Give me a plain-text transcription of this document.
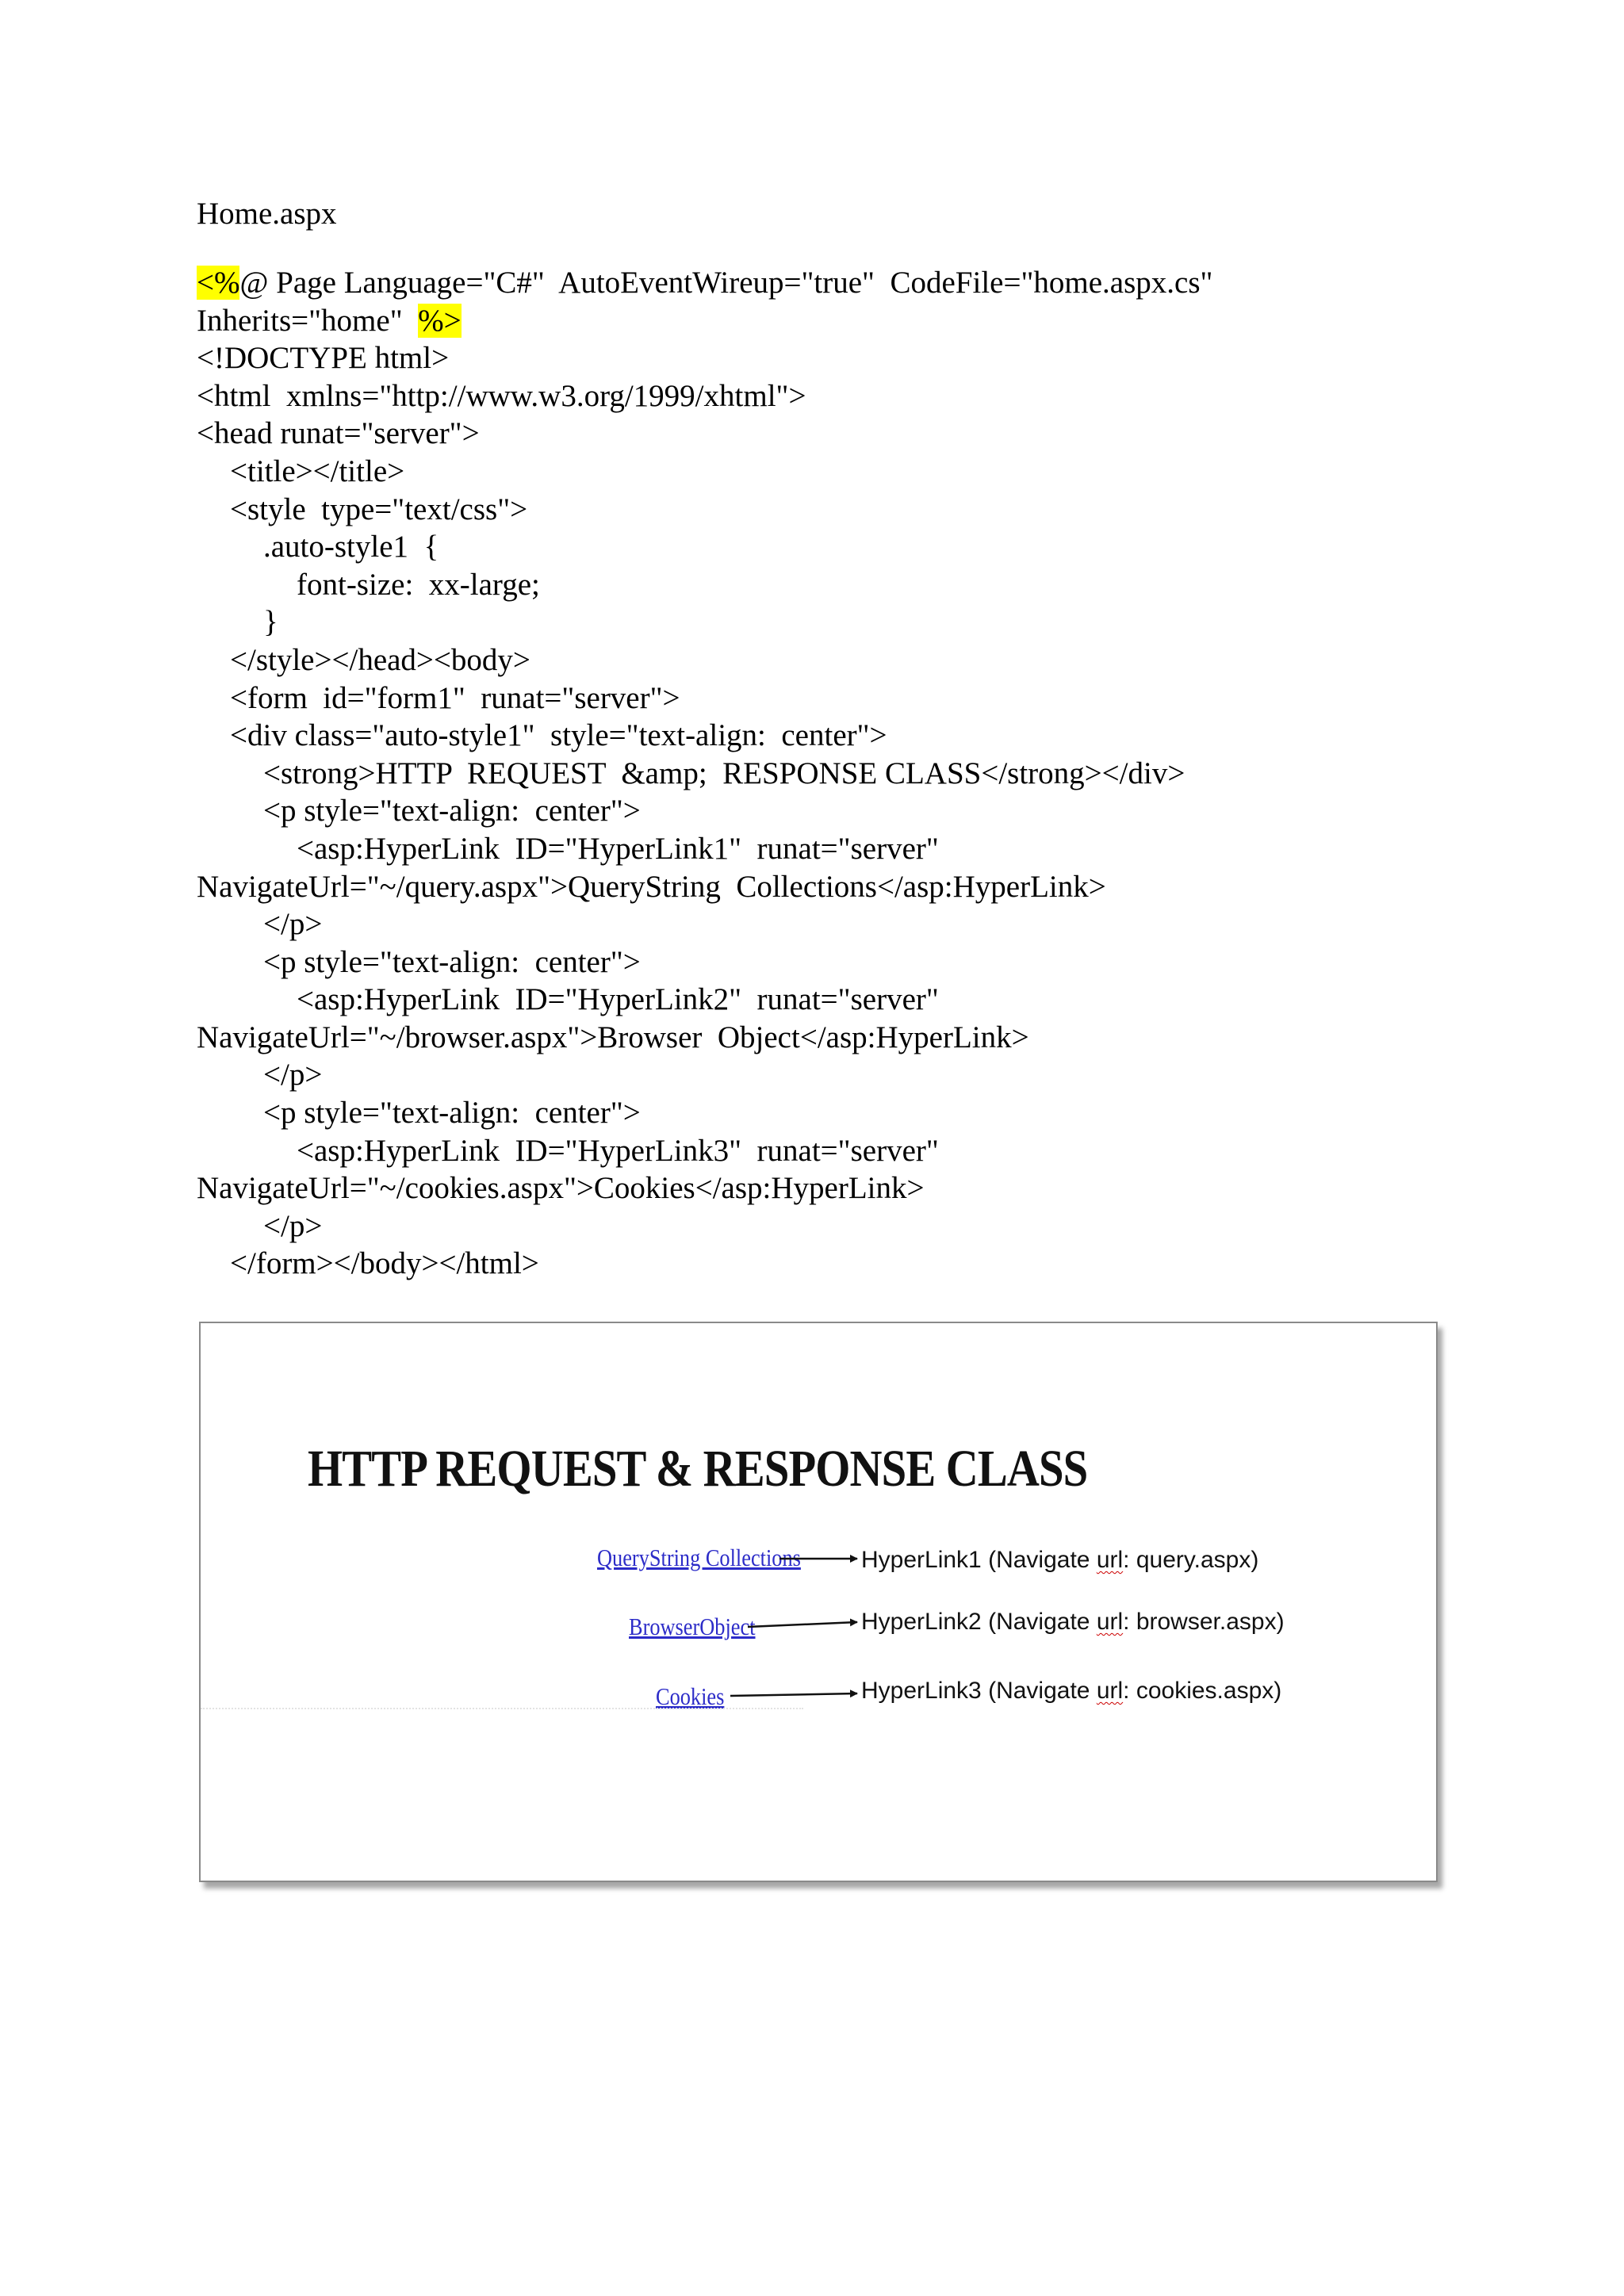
Home.aspx
<%@ Page Language="C#"  AutoEventWireup="true"  CodeFile="home.aspx.cs"
Inherits="home"  %>
<!DOCTYPE html>
<html  xmlns="http://www.w3.org/1999/xhtml">
<head runat="server">
<title></title>
<style  type="text/css">
.auto-style1  {
font-size:  xx-large;
}
</style></head><body>
<form  id="form1"  runat="server">
<div class="auto-style1"  style="text-align:  center">
<strong>HTTP  REQUEST  &amp;  RESPONSE CLASS</strong></div>
<p style="text-align:  center">
<asp:HyperLink  ID="HyperLink1"  runat="server"
NavigateUrl="~/query.aspx">QueryString  Collections</asp:HyperLink>
</p>
<p style="text-align:  center">
<asp:HyperLink  ID="HyperLink2"  runat="server"
NavigateUrl="~/browser.aspx">Browser  Object</asp:HyperLink>
</p>
<p style="text-align:  center">
<asp:HyperLink  ID="HyperLink3"  runat="server"
NavigateUrl="~/cookies.aspx">Cookies</asp:HyperLink>
</p>
</form></body></html>
HTTP REQUEST & RESPONSE CLASS
QueryString Collections
BrowserObject
Cookies
HyperLink1 (Navigate url: query.aspx)
HyperLink2 (Navigate url: browser.aspx)
HyperLink3 (Navigate url: cookies.aspx)
